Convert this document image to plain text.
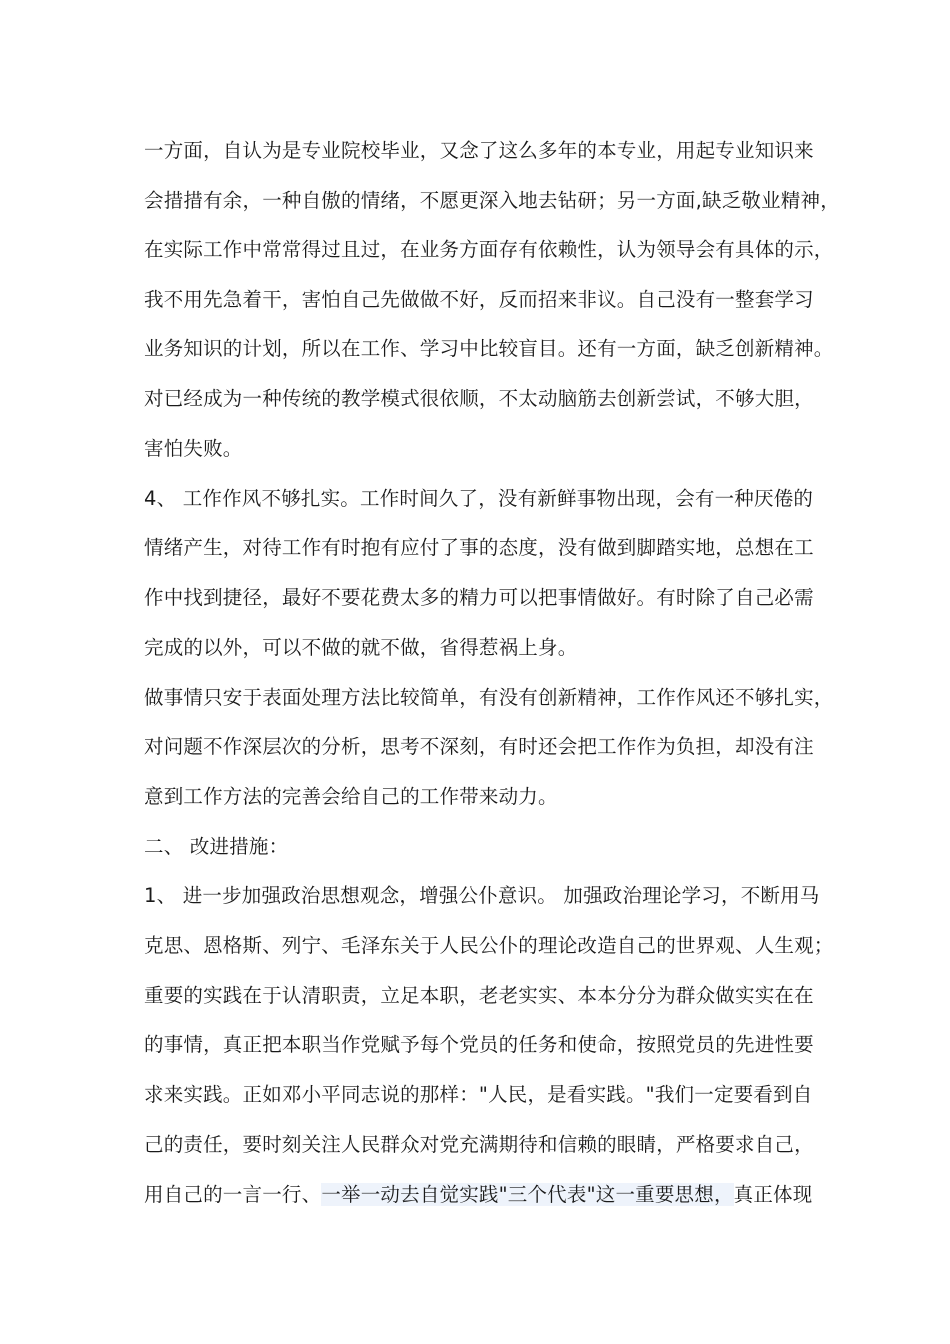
一方面，自认为是专业院校毕业，又念了这么多年的本专业，用起专业知识来
会措措有余，一种自傲的情绪，不愿更深入地去钻研；另一方面,缺乏敬业精神，
在实际工作中常常得过且过，在业务方面存有依赖性，认为领导会有具体的示，
我不用先急着干，害怕自己先做做不好，反而招来非议。自己没有一整套学习
业务知识的计划，所以在工作、学习中比较盲目。还有一方面，缺乏创新精神。
对已经成为一种传统的教学模式很依顺，不太动脑筋去创新尝试，不够大胆，
害怕失败。
4、 工作作风不够扎实。工作时间久了，没有新鲜事物出现，会有一种厌倦的
情绪产生，对待工作有时抱有应付了事的态度，没有做到脚踏实地，总想在工
作中找到捷径，最好不要花费太多的精力可以把事情做好。有时除了自己必需
完成的以外，可以不做的就不做，省得惹祸上身。
做事情只安于表面处理方法比较简单，有没有创新精神，工作作风还不够扎实，
对问题不作深层次的分析，思考不深刻，有时还会把工作作为负担，却没有注
意到工作方法的完善会给自己的工作带来动力。
二、 改进措施：
1、 进一步加强政治思想观念，增强公仆意识。 加强政治理论学习，不断用马
克思、恩格斯、列宁、毛泽东关于人民公仆的理论改造自己的世界观、人生观；
重要的实践在于认清职责，立足本职，老老实实、本本分分为群众做实实在在
的事情，真正把本职当作党赋予每个党员的任务和使命，按照党员的先进性要
求来实践。正如邓小平同志说的那样："人民，是看实践。"我们一定要看到自
己的责任，要时刻关注人民群众对党充满期待和信赖的眼睛，严格要求自己，
用自己的一言一行、一举一动去自觉实践"三个代表"这一重要思想，真正体现
